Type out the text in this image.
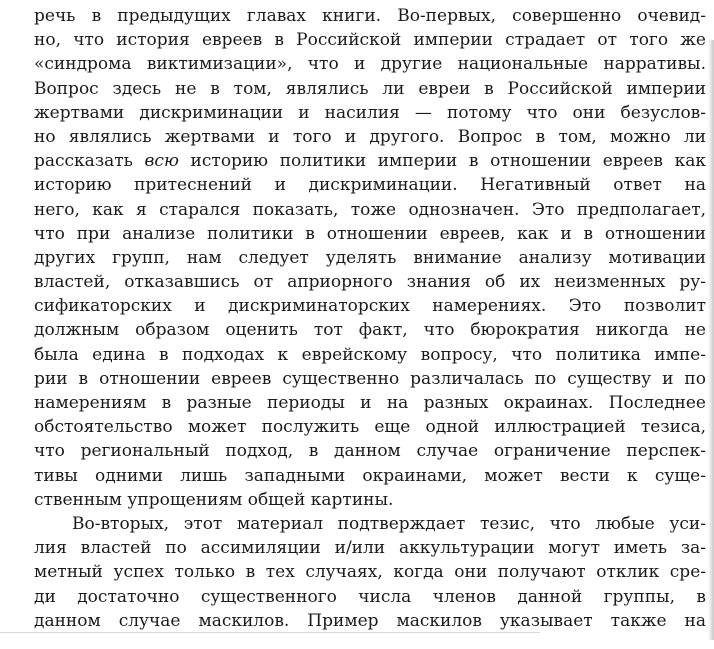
речь в предыдущих главах книги. Во-первых, совершенно очевид-
но, что история евреев в Российской империи страдает от того же
«синдрома виктимизации», что и другие национальные нарративы.
Вопрос здесь не в том, являлись ли евреи в Российской империи
жертвами дискриминации и насилия — потому что они безуслов-
но являлись жертвами и того и другого. Вопрос в том, можно ли
рассказать всю историю политики империи в отношении евреев как
историю притеснений и дискриминации. Негативный ответ на
него, как я старался показать, тоже однозначен. Это предполагает,
что при анализе политики в отношении евреев, как и в отношении
других групп, нам следует уделять внимание анализу мотивации
властей, отказавшись от априорного знания об их неизменных ру-
сификаторских и дискриминаторских намерениях. Это позволит
должным образом оценить тот факт, что бюрократия никогда не
была едина в подходах к еврейскому вопросу, что политика импе-
рии в отношении евреев существенно различалась по существу и по
намерениям в разные периоды и на разных окраинах. Последнее
обстоятельство может послужить еще одной иллюстрацией тезиса,
что региональный подход, в данном случае ограничение перспек-
тивы одними лишь западными окраинами, может вести к суще-
ственным упрощениям общей картины.
Во-вторых, этот материал подтверждает тезис, что любые уси-
лия властей по ассимиляции и/или аккультурации могут иметь за-
метный успех только в тех случаях, когда они получают отклик сре-
ди достаточно существенного числа членов данной группы, в
данном случае маскилов. Пример маскилов указывает также на
